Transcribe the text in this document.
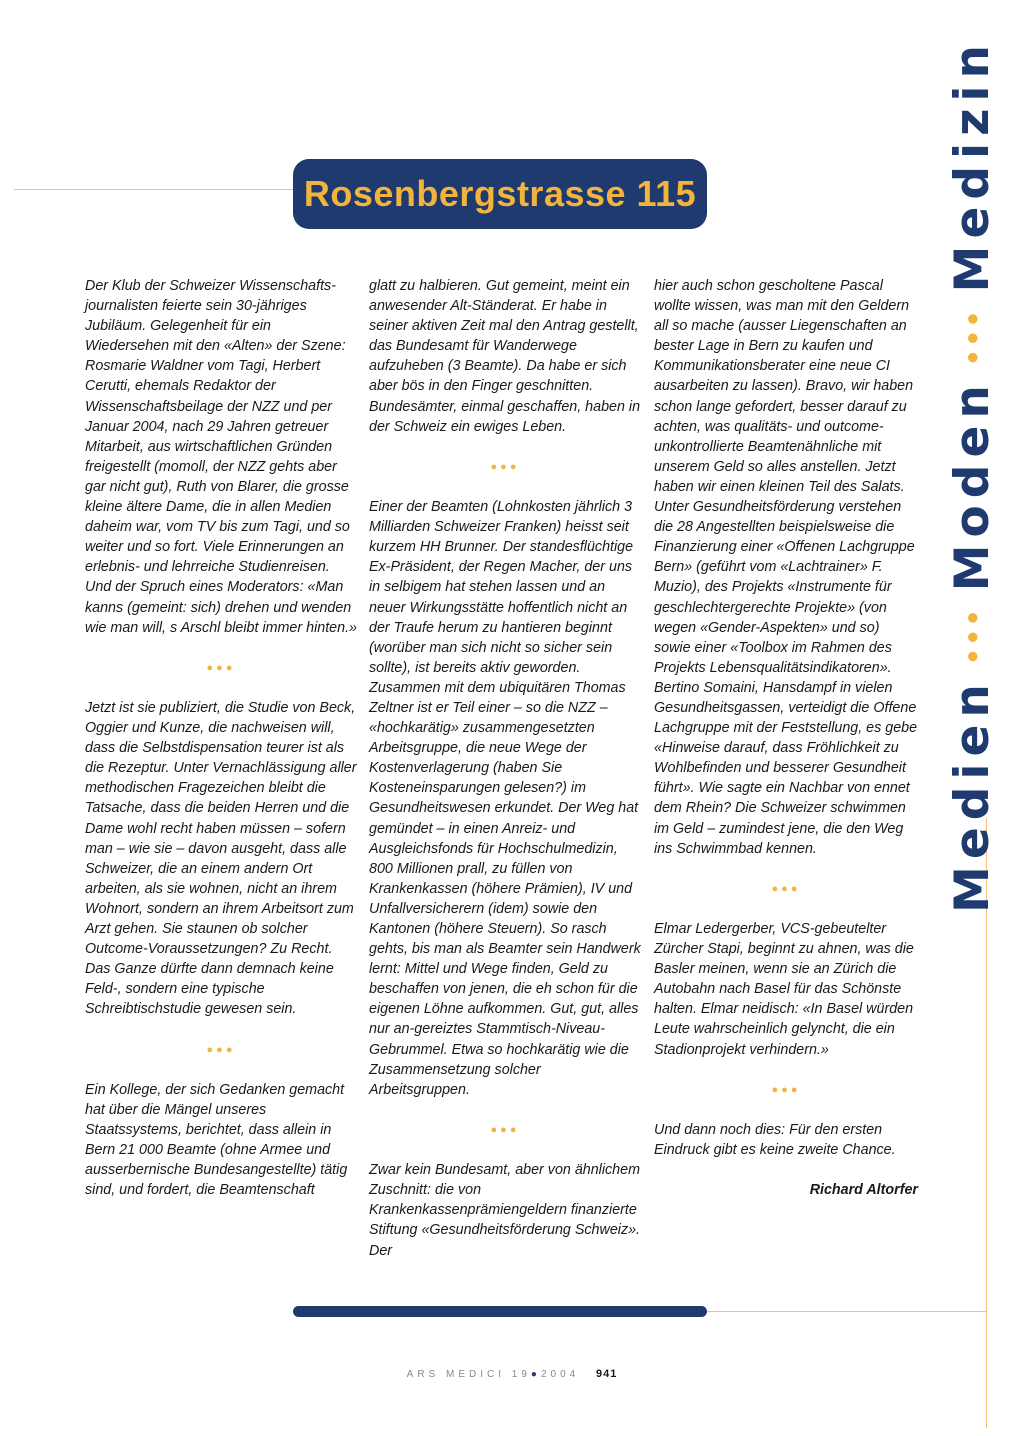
Rosenbergstrasse 115
Medien
●●●
Moden
●●●
Medizin

Der Klub der Schweizer Wissenschafts-journalisten feierte sein 30-jähriges Jubiläum. Gelegenheit für ein Wiedersehen mit den «Alten» der Szene: Rosmarie Waldner vom Tagi, Herbert Cerutti, ehemals Redaktor der Wissenschaftsbeilage der NZZ und per Januar 2004, nach 29 Jahren getreuer Mitarbeit, aus wirtschaftlichen Gründen freigestellt (momoll, der NZZ gehts aber gar nicht gut), Ruth von Blarer, die grosse kleine ältere Dame, die in allen Medien daheim war, vom TV bis zum Tagi, und so weiter und so fort. Viele Erinnerungen an erlebnis- und lehrreiche Studienreisen. Und der Spruch eines Moderators: «Man kanns (gemeint: sich) drehen und wenden wie man will, s Arschl bleibt immer hinten.»

●●●

Jetzt ist sie publiziert, die Studie von Beck, Oggier und Kunze, die nachweisen will, dass die Selbstdispensation teurer ist als die Rezeptur. Unter Vernachlässigung aller methodischen Fragezeichen bleibt die Tatsache, dass die beiden Herren und die Dame wohl recht haben müssen – sofern man – wie sie – davon ausgeht, dass alle Schweizer, die an einem andern Ort arbeiten, als sie wohnen, nicht an ihrem Wohnort, sondern an ihrem Arbeitsort zum Arzt gehen. Sie staunen ob solcher Outcome-Voraussetzungen? Zu Recht. Das Ganze dürfte dann demnach keine Feld-, sondern eine typische Schreibtischstudie gewesen sein.

●●●

Ein Kollege, der sich Gedanken gemacht hat über die Mängel unseres Staatssystems, berichtet, dass allein in Bern 21 000 Beamte (ohne Armee und ausserbernische Bundesangestellte) tätig sind, und fordert, die Beamtenschaft

glatt zu halbieren. Gut gemeint, meint ein anwesender Alt-Ständerat. Er habe in seiner aktiven Zeit mal den Antrag gestellt, das Bundesamt für Wanderwege aufzuheben (3 Beamte). Da habe er sich aber bös in den Finger geschnitten. Bundesämter, einmal geschaffen, haben in der Schweiz ein ewiges Leben.

●●●

Einer der Beamten (Lohnkosten jährlich 3 Milliarden Schweizer Franken) heisst seit kurzem HH Brunner. Der standesflüchtige Ex-Präsident, der Regen Macher, der uns in selbigem hat stehen lassen und an neuer Wirkungsstätte hoffentlich nicht an der Traufe herum zu hantieren beginnt (worüber man sich nicht so sicher sein sollte), ist bereits aktiv geworden. Zusammen mit dem ubiquitären Thomas Zeltner ist er Teil einer – so die NZZ – «hochkarätig» zusammengesetzten Arbeitsgruppe, die neue Wege der Kostenverlagerung (haben Sie Kosteneinsparungen gelesen?) im Gesundheitswesen erkundet. Der Weg hat gemündet – in einen Anreiz- und Ausgleichsfonds für Hochschulmedizin, 800 Millionen prall, zu füllen von Krankenkassen (höhere Prämien), IV und Unfallversicherern (idem) sowie den Kantonen (höhere Steuern). So rasch gehts, bis man als Beamter sein Handwerk lernt: Mittel und Wege finden, Geld zu beschaffen von jenen, die eh schon für die eigenen Löhne aufkommen. Gut, gut, alles nur an-gereiztes Stammtisch-Niveau-Gebrummel. Etwa so hochkarätig wie die Zusammensetzung solcher Arbeitsgruppen.

●●●

Zwar kein Bundesamt, aber von ähnlichem Zuschnitt: die von Krankenkassenprämiengeldern finanzierte Stiftung «Gesundheitsförderung Schweiz». Der

hier auch schon gescholtene Pascal wollte wissen, was man mit den Geldern all so mache (ausser Liegenschaften an bester Lage in Bern zu kaufen und Kommunikationsberater eine neue CI ausarbeiten zu lassen). Bravo, wir haben schon lange gefordert, besser darauf zu achten, was qualitäts- und outcome-unkontrollierte Beamtenähnliche mit unserem Geld so alles anstellen. Jetzt haben wir einen kleinen Teil des Salats. Unter Gesundheitsförderung verstehen die 28 Angestellten beispielsweise die Finanzierung einer «Offenen Lachgruppe Bern» (geführt vom «Lachtrainer» F. Muzio), des Projekts «Instrumente für geschlechtergerechte Projekte» (von wegen «Gender-Aspekten» und so) sowie einer «Toolbox im Rahmen des Projekts Lebensqualitätsindikatoren». Bertino Somaini, Hansdampf in vielen Gesundheitsgassen, verteidigt die Offene Lachgruppe mit der Feststellung, es gebe «Hinweise darauf, dass Fröhlichkeit zu Wohlbefinden und besserer Gesundheit führt». Wie sagte ein Nachbar von ennet dem Rhein? Die Schweizer schwimmen im Geld – zumindest jene, die den Weg ins Schwimmbad kennen.

●●●

Elmar Ledergerber, VCS-gebeutelter Zürcher Stapi, beginnt zu ahnen, was die Basler meinen, wenn sie an Zürich die Autobahn nach Basel für das Schönste halten. Elmar neidisch: «In Basel würden Leute wahrscheinlich gelyncht, die ein Stadionprojekt verhindern.»

●●●

Und dann noch dies: Für den ersten Eindruck gibt es keine zweite Chance.

Richard Altorfer
ARS MEDICI 19●2004 941
